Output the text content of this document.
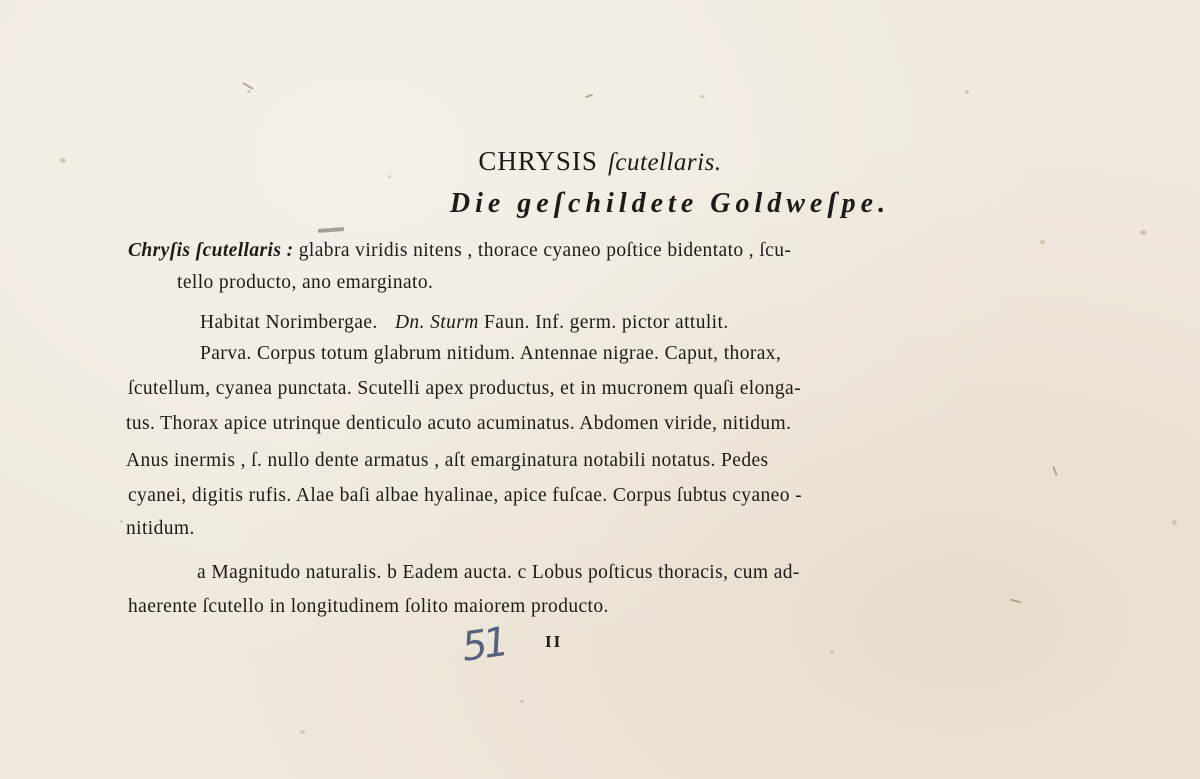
CHRYSIS ſcutellaris.
Die geſchildete Goldweſpe.
Chryſis ſcutellaris : glabra viridis nitens , thorace cyaneo poſtice bidentato , ſcu-
tello producto, ano emarginato.
Habitat Norimbergae. Dn. Sturm Faun. Inf. germ. pictor attulit.
Parva. Corpus totum glabrum nitidum. Antennae nigrae. Caput, thorax,
ſcutellum, cyanea punctata. Scutelli apex productus, et in mucronem quaſi elonga-
tus. Thorax apice utrinque denticulo acuto acuminatus. Abdomen viride, nitidum.
Anus inermis , ſ. nullo dente armatus , aſt emarginatura notabili notatus. Pedes
cyanei, digitis rufis. Alae baſi albae hyalinae, apice fuſcae. Corpus ſubtus cyaneo -
nitidum.
a Magnitudo naturalis. b Eadem aucta. c Lobus poſticus thoracis, cum ad-
haerente ſcutello in longitudinem ſolito maiorem producto.
51 II
